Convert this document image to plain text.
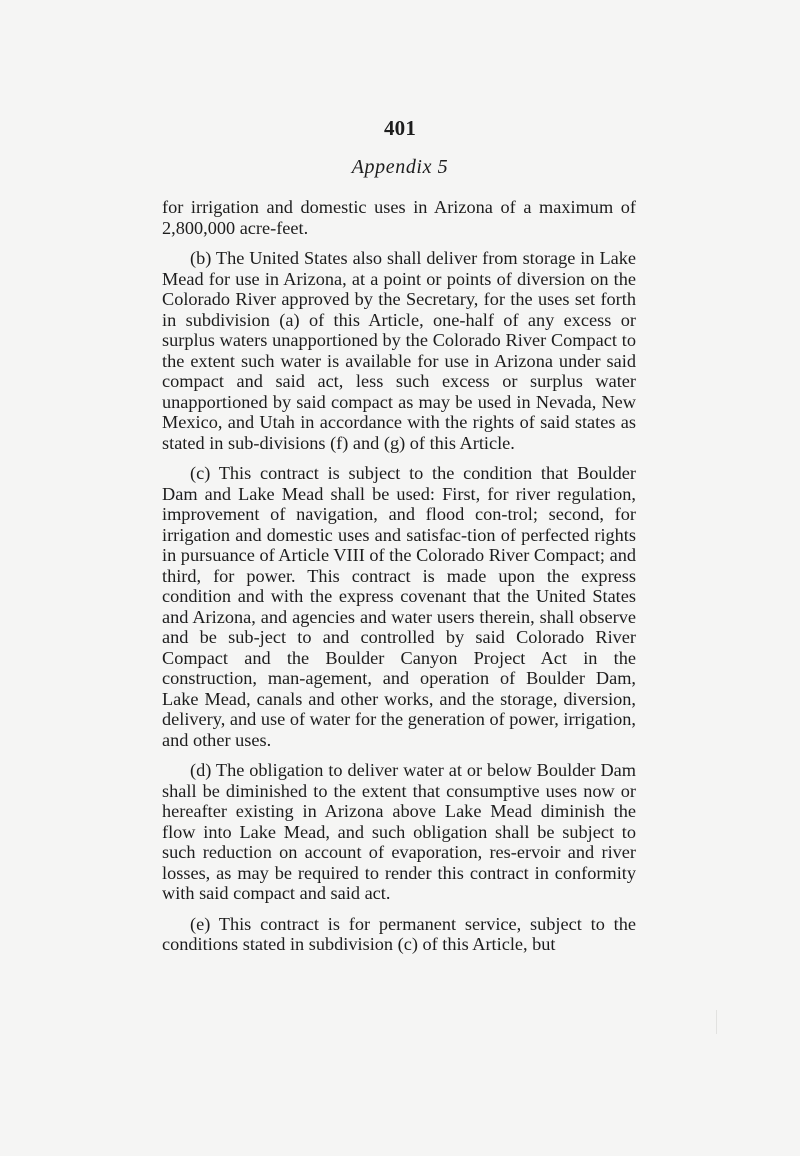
401
Appendix 5

for irrigation and domestic uses in Arizona of a maximum of 2,800,000 acre-feet.

(b) The United States also shall deliver from storage in Lake Mead for use in Arizona, at a point or points of diversion on the Colorado River approved by the Secretary, for the uses set forth in subdivision (a) of this Article, one-half of any excess or surplus waters unapportioned by the Colorado River Compact to the extent such water is available for use in Arizona under said compact and said act, less such excess or surplus water unapportioned by said compact as may be used in Nevada, New Mexico, and Utah in accordance with the rights of said states as stated in sub-divisions (f) and (g) of this Article.

(c) This contract is subject to the condition that Boulder Dam and Lake Mead shall be used: First, for river regulation, improvement of navigation, and flood con-trol; second, for irrigation and domestic uses and satisfac-tion of perfected rights in pursuance of Article VIII of the Colorado River Compact; and third, for power. This contract is made upon the express condition and with the express covenant that the United States and Arizona, and agencies and water users therein, shall observe and be sub-ject to and controlled by said Colorado River Compact and the Boulder Canyon Project Act in the construction, man-agement, and operation of Boulder Dam, Lake Mead, canals and other works, and the storage, diversion, delivery, and use of water for the generation of power, irrigation, and other uses.

(d) The obligation to deliver water at or below Boulder Dam shall be diminished to the extent that consumptive uses now or hereafter existing in Arizona above Lake Mead diminish the flow into Lake Mead, and such obligation shall be subject to such reduction on account of evaporation, res-ervoir and river losses, as may be required to render this contract in conformity with said compact and said act.

(e) This contract is for permanent service, subject to the conditions stated in subdivision (c) of this Article, but
